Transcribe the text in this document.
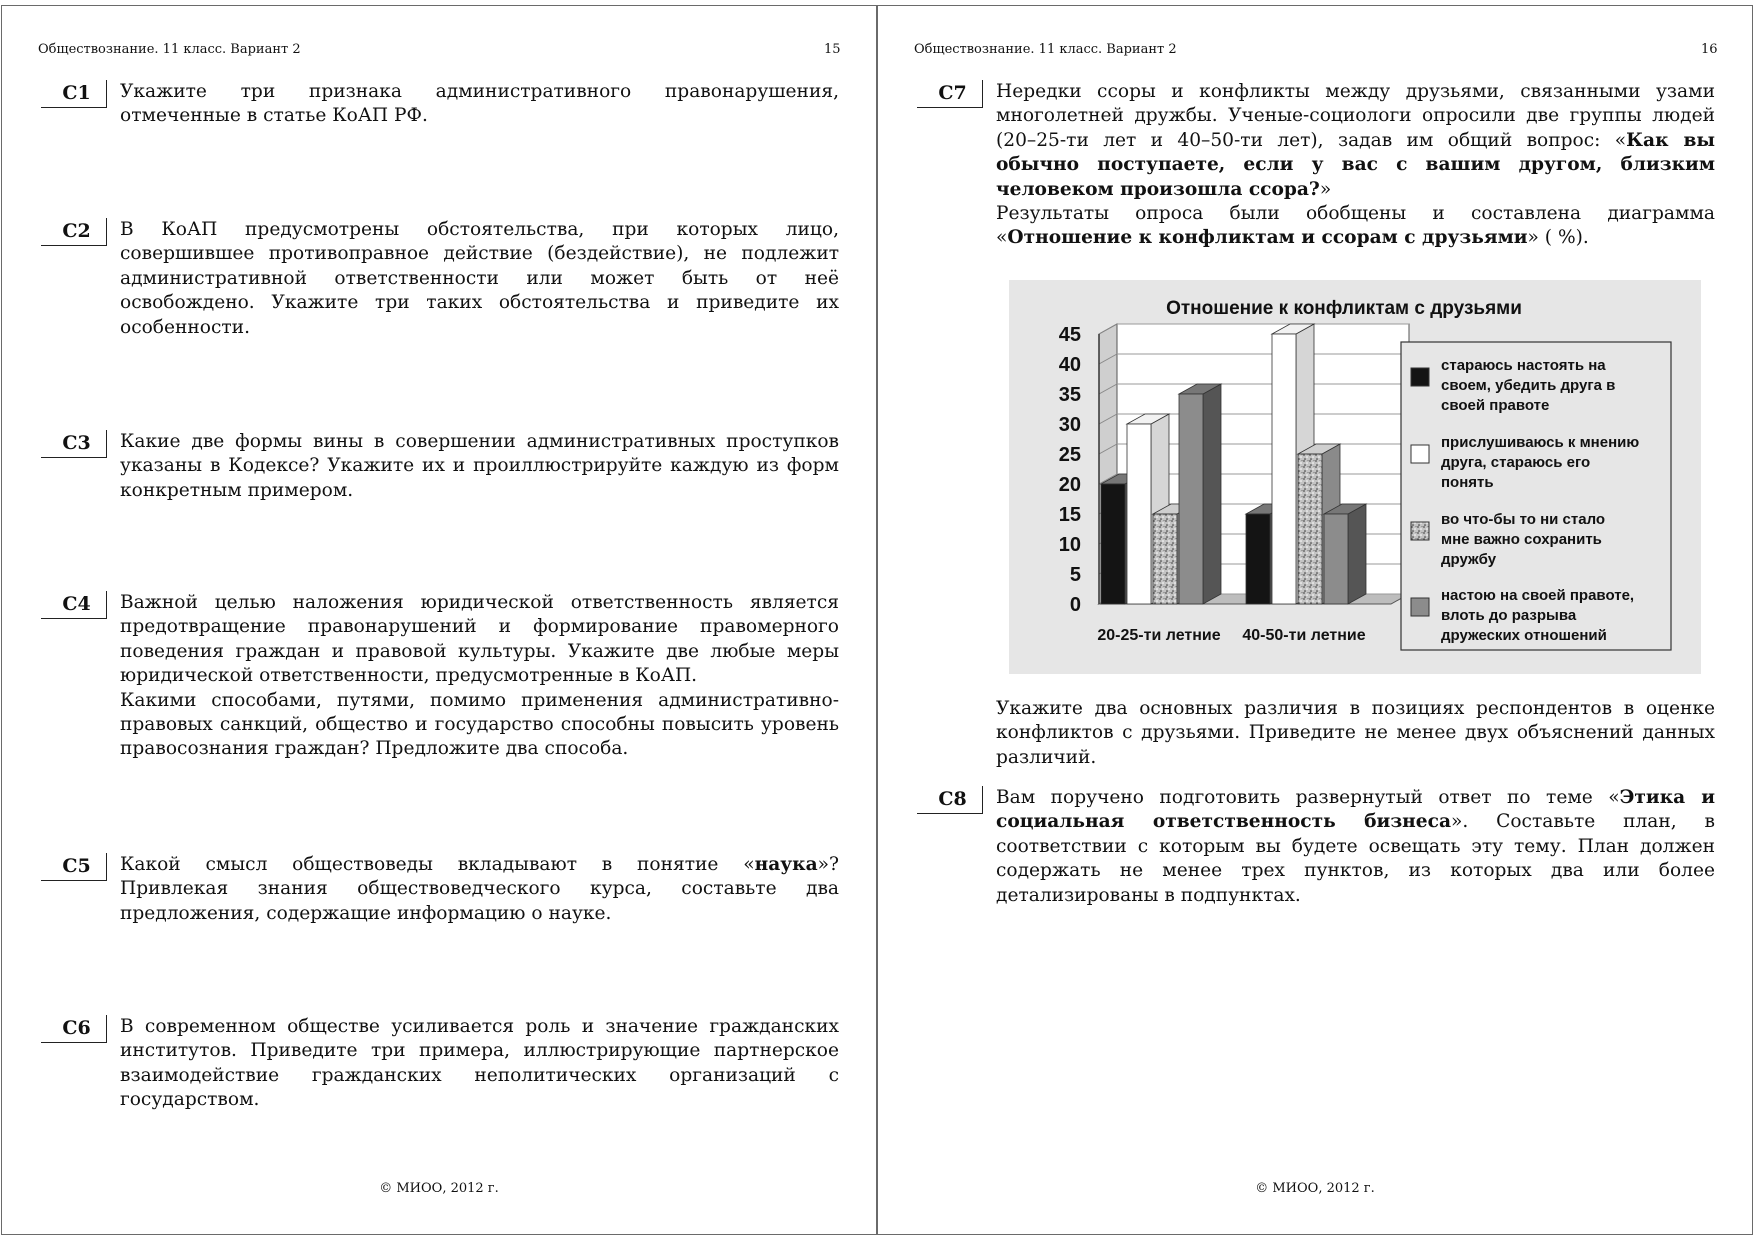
Обществознание. 11 класс. Вариант 2	15
C1	Укажите три признака административного правонарушения, отмеченные в статье КоАП РФ.
C2	В КоАП предусмотрены обстоятельства, при которых лицо, совершившее противоправное действие (бездействие), не подлежит административной ответственности или может быть от неё освобождено. Укажите три таких обстоятельства и приведите их особенности.
C3	Какие две формы вины в совершении административных проступков указаны в Кодексе? Укажите их и проиллюстрируйте каждую из форм конкретным примером.
C4	Важной целью наложения юридической ответственность является предотвращение правонарушений и формирование правомерного поведения граждан и правовой культуры. Укажите две любые меры юридической ответственности, предусмотренные в КоАП.

Какими способами, путями, помимо применения административно-правовых санкций, общество и государство способны повысить уровень правосознания граждан? Предложите два способа.

C5	Какой смысл обществоведы вкладывают в понятие «наука»? Привлекая знания обществоведческого курса, составьте два предложения, содержащие информацию о науке.
C6	В современном обществе усиливается роль и значение гражданских институтов. Приведите три примера, иллюстрирующие партнерское взаимодействие гражданских неполитических организаций с государством.
© МИОО, 2012 г.
Обществознание. 11 класс. Вариант 2	16
C7	Нередки ссоры и конфликты между друзьями, связанными узами многолетней дружбы. Ученые-социологи опросили две группы людей (20–25-ти лет и 40–50-ти лет), задав им общий вопрос: «Как вы обычно поступаете, если у вас с вашим другом, близким человеком произошла ссора?»

Результаты опроса были обобщены и составлена диаграмма «Отношение к конфликтам и ссорам с друзьями» ( %).

Отношение к конфликтам с друзьями
0
5
10
15
20
25
30
35
40
45
20-25-ти летние 40-50-ти летние
стараюсь настоять на своем, убедить друга в своей правоте
прислушиваюсь к мнению друга, стараюсь его понять
во что-бы то ни стало мне важно сохранить дружбу
настою на своей правоте, влоть до разрыва дружеских отношений
Укажите два основных различия в позициях респондентов в оценке конфликтов с друзьями. Приведите не менее двух объяснений данных различий.
C8	Вам поручено подготовить развернутый ответ по теме «Этика и социальная ответственность бизнеса». Составьте план, в соответствии с которым вы будете освещать эту тему. План должен содержать не менее трех пунктов, из которых два или более детализированы в подпунктах.
© МИОО, 2012 г.
